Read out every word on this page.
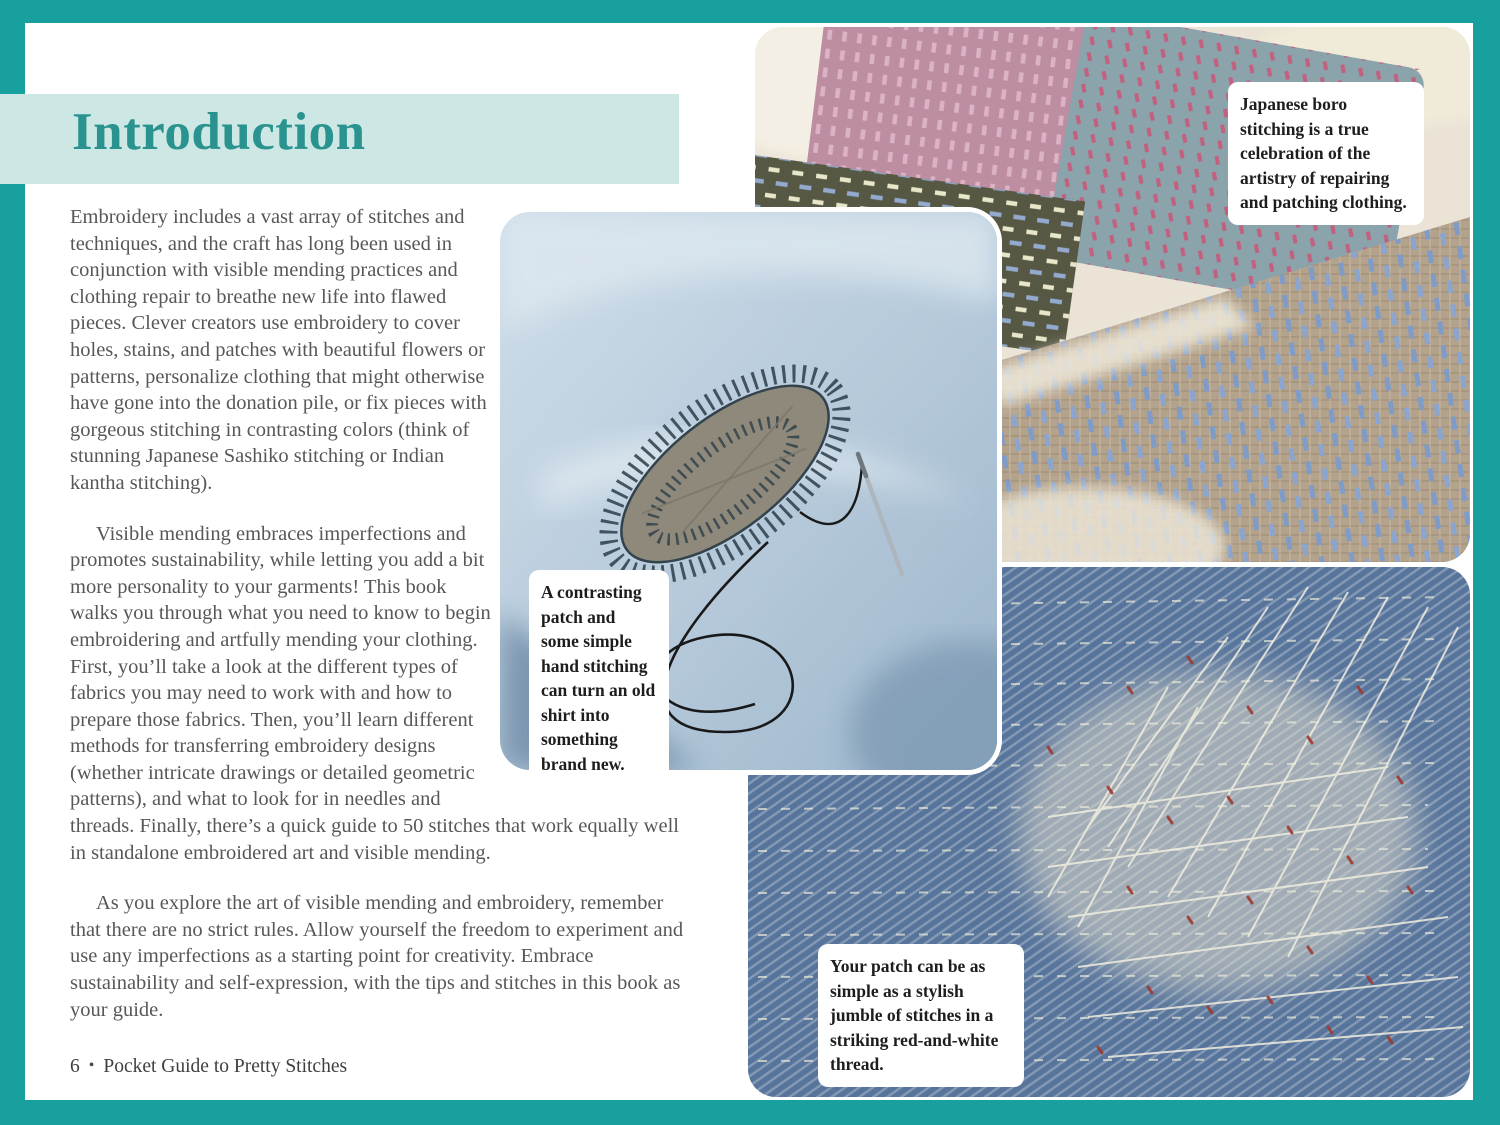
Introduction	Japanese boro stitching is a true celebration of the artistry of repairing and patching clothing.
A contrasting patch and some simple hand stitching can turn an old shirt into something brand new.
Your patch can be as simple as a stylish jumble of stitches in a striking red-and-white thread.

Embroidery includes a vast array of stitches and techniques, and the craft has long been used in conjunction with visible mending practices and clothing repair to breathe new life into flawed pieces. Clever creators use embroidery to cover holes, stains, and patches with beautiful flowers or patterns, personalize clothing that might otherwise have gone into the donation pile, or fix pieces with gorgeous stitching in contrasting colors (think of stunning Japanese Sashiko stitching or Indian kantha stitching).

Visible mending embraces imperfections and promotes sustainability, while letting you add a bit more personality to your garments! This book walks you through what you need to know to begin embroidering and artfully mending your clothing. First, you’ll take a look at the different types of fabrics you may need to work with and how to prepare those fabrics. Then, you’ll learn different methods for transferring embroidery designs (whether intricate drawings or detailed geometric patterns), and what to look for in needles and threads. Finally, there’s a quick guide to 50 stitches that work equally well in standalone embroidered art and visible mending.

As you explore the art of visible mending and embroidery, remember that there are no strict rules. Allow yourself the freedom to experiment and use any imperfections as a starting point for creativity. Embrace sustainability and self-expression, with the tips and stitches in this book as your guide.

6 • Pocket Guide to Pretty Stitches
